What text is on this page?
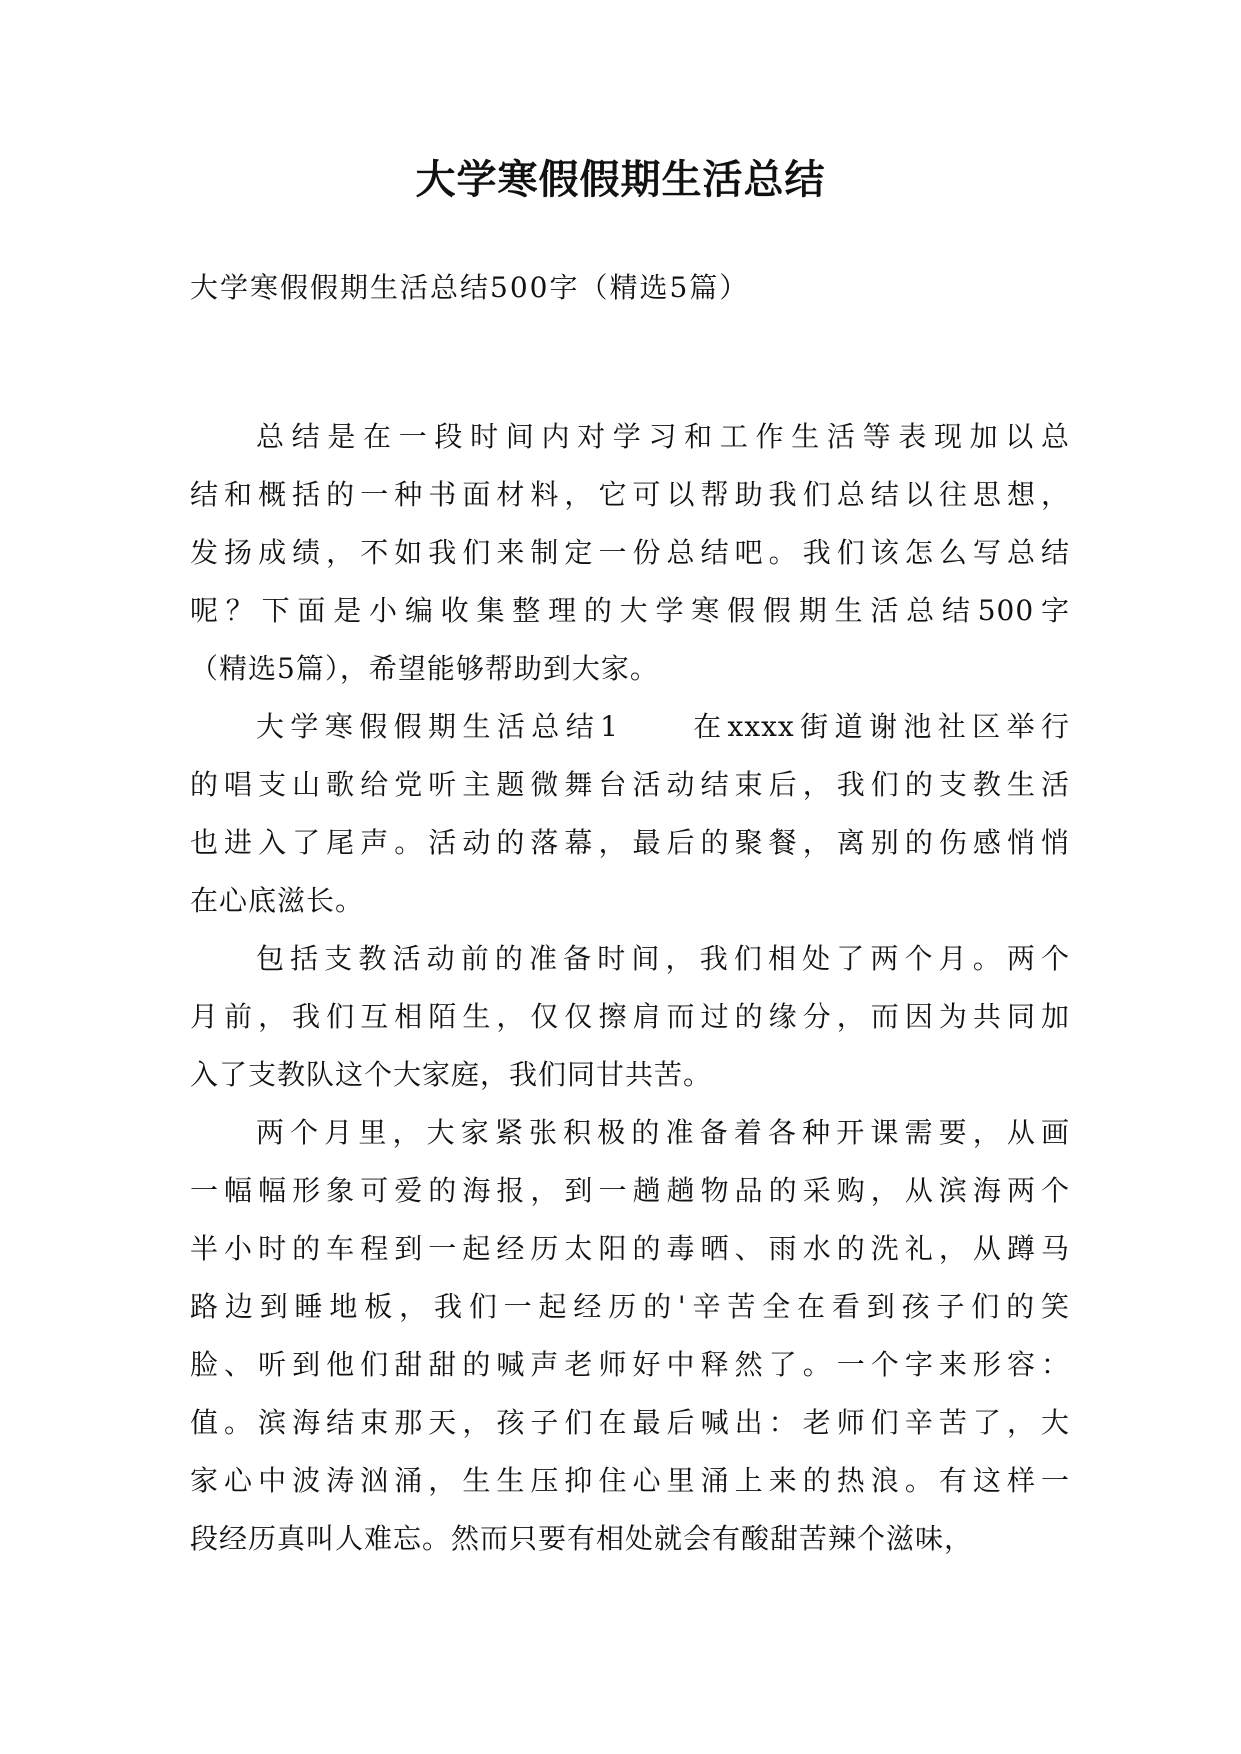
大学寒假假期生活总结
大学寒假假期生活总结500字（精选5篇）
总结是在一段时间内对学习和工作生活等表现加以总
结和概括的一种书面材料，它可以帮助我们总结以往思想，
发扬成绩，不如我们来制定一份总结吧。我们该怎么写总结
呢？下面是小编收集整理的大学寒假假期生活总结500字
（精选5篇），希望能够帮助到大家。
大学寒假假期生活总结1　　在xxxx街道谢池社区举行
的唱支山歌给党听主题微舞台活动结束后，我们的支教生活
也进入了尾声。活动的落幕，最后的聚餐，离别的伤感悄悄
在心底滋长。
包括支教活动前的准备时间，我们相处了两个月。两个
月前，我们互相陌生，仅仅擦肩而过的缘分，而因为共同加
入了支教队这个大家庭，我们同甘共苦。
两个月里，大家紧张积极的准备着各种开课需要，从画
一幅幅形象可爱的海报，到一趟趟物品的采购，从滨海两个
半小时的车程到一起经历太阳的毒晒、雨水的洗礼，从蹲马
路边到睡地板，我们一起经历的'辛苦全在看到孩子们的笑
脸、听到他们甜甜的喊声老师好中释然了。一个字来形容：
值。滨海结束那天，孩子们在最后喊出：老师们辛苦了，大
家心中波涛汹涌，生生压抑住心里涌上来的热浪。有这样一
段经历真叫人难忘。然而只要有相处就会有酸甜苦辣个滋味，
